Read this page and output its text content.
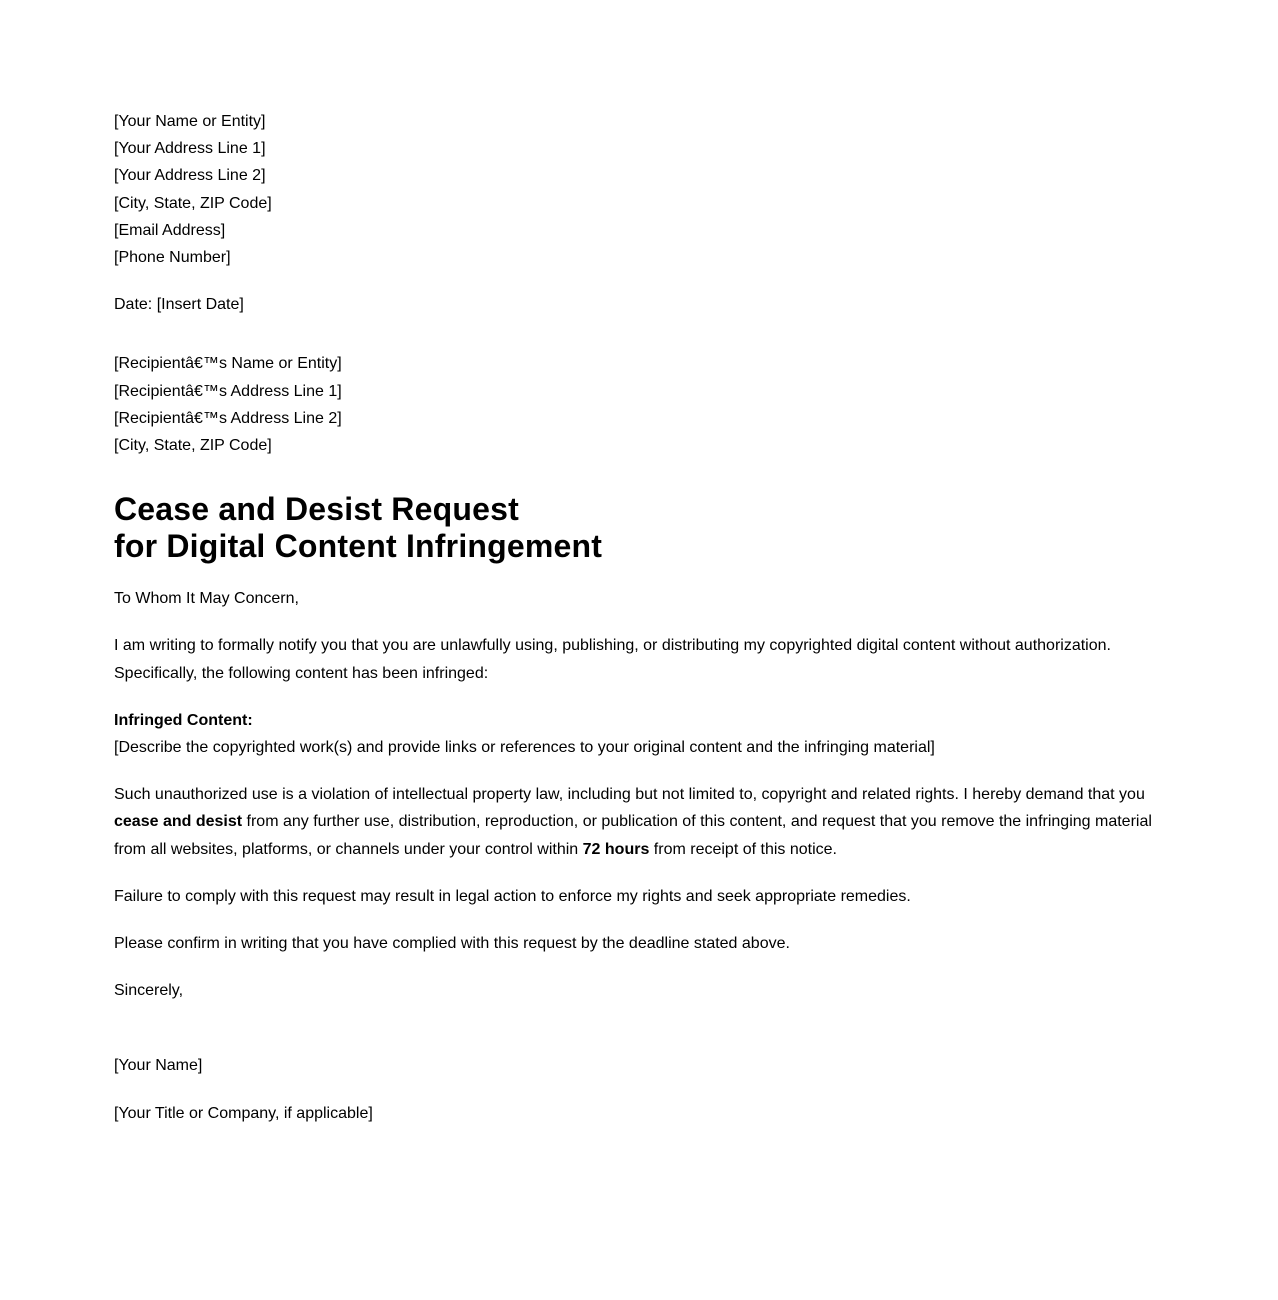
[Your Name or Entity]
[Your Address Line 1]
[Your Address Line 2]
[City, State, ZIP Code]
[Email Address]
[Phone Number]
Date: [Insert Date]
[Recipientâ€™s Name or Entity]
[Recipientâ€™s Address Line 1]
[Recipientâ€™s Address Line 2]
[City, State, ZIP Code]
Cease and Desist Request
for Digital Content Infringement

To Whom It May Concern,

I am writing to formally notify you that you are unlawfully using, publishing, or distributing my copyrighted digital content without authorization.
Specifically, the following content has been infringed:

Infringed Content:
[Describe the copyrighted work(s) and provide links or references to your original content and the infringing material]

Such unauthorized use is a violation of intellectual property law, including but not limited to, copyright and related rights. I hereby demand that you cease and desist from any further use, distribution, reproduction, or publication of this content, and request that you remove the infringing material from all websites, platforms, or channels under your control within 72 hours from receipt of this notice.

Failure to comply with this request may result in legal action to enforce my rights and seek appropriate remedies.

Please confirm in writing that you have complied with this request by the deadline stated above.

Sincerely,

[Your Name]

[Your Title or Company, if applicable]
